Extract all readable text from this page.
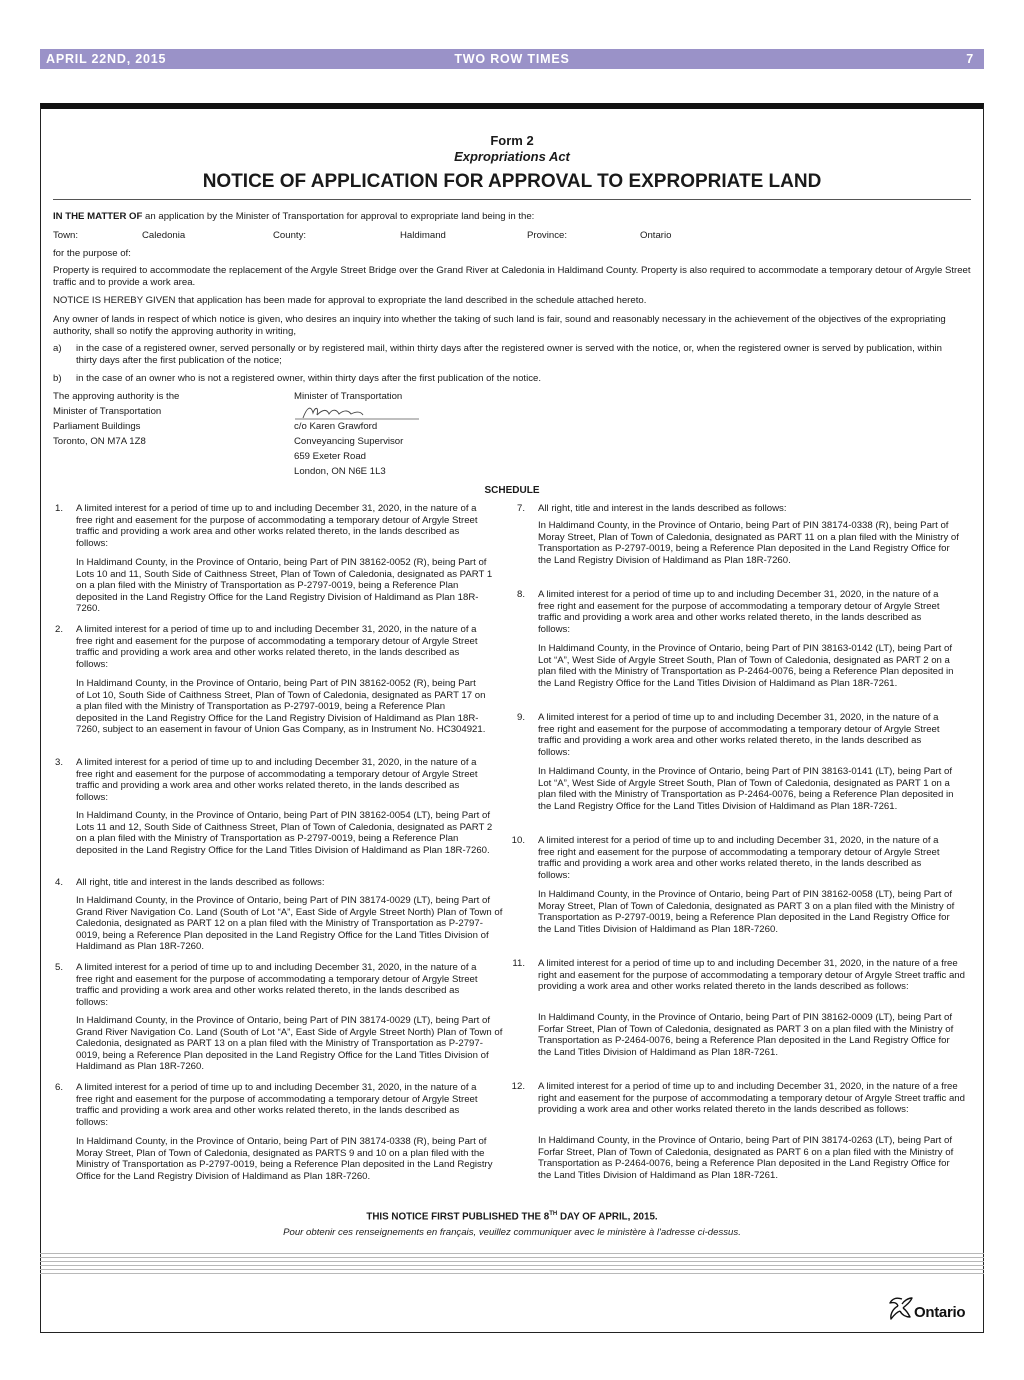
APRIL 22ND, 2015	TWO ROW TIMES	7
Form 2
Expropriations Act
NOTICE OF APPLICATION FOR APPROVAL TO EXPROPRIATE LAND
IN THE MATTER OF an application by the Minister of Transportation for approval to expropriate land being in the:
Town:	Caledonia	County:	Haldimand	Province:	Ontario
for the purpose of:
Property is required to accommodate the replacement of the Argyle Street Bridge over the Grand River at Caledonia in Haldimand County. Property is also required to accommodate a temporary detour of Argyle Street traffic and to provide a work area.
NOTICE IS HEREBY GIVEN that application has been made for approval to expropriate the land described in the schedule attached hereto.
Any owner of lands in respect of which notice is given, who desires an inquiry into whether the taking of such land is fair, sound and reasonably necessary in the achievement of the objectives of the expropriating authority, shall so notify the approving authority in writing,
a) in the case of a registered owner, served personally or by registered mail, within thirty days after the registered owner is served with the notice, or, when the registered owner is served by publication, within thirty days after the first publication of the notice;
b) in the case of an owner who is not a registered owner, within thirty days after the first publication of the notice.
The approving authority is the
Minister of Transportation
Parliament Buildings
Toronto, ON M7A 1Z8
Minister of Transportation
c/o Karen Grawford
Conveyancing Supervisor
659 Exeter Road
London, ON N6E 1L3
SCHEDULE
1. A limited interest for a period of time up to and including December 31, 2020, in the nature of a free right and easement for the purpose of accommodating a temporary detour of Argyle Street traffic and providing a work area and other works related thereto, in the lands described as follows:
In Haldimand County, in the Province of Ontario, being Part of PIN 38162-0052 (R), being Part of Lots 10 and 11, South Side of Caithness Street, Plan of Town of Caledonia, designated as PART 1 on a plan filed with the Ministry of Transportation as P-2797-0019, being a Reference Plan deposited in the Land Registry Office for the Land Registry Division of Haldimand as Plan 18R-7260.
2. A limited interest for a period of time up to and including December 31, 2020, in the nature of a free right and easement for the purpose of accommodating a temporary detour of Argyle Street traffic and providing a work area and other works related thereto, in the lands described as follows:
In Haldimand County, in the Province of Ontario, being Part of PIN 38162-0052 (R), being Part of Lot 10, South Side of Caithness Street, Plan of Town of Caledonia, designated as PART 17 on a plan filed with the Ministry of Transportation as P-2797-0019, being a Reference Plan deposited in the Land Registry Office for the Land Registry Division of Haldimand as Plan 18R-7260, subject to an easement in favour of Union Gas Company, as in Instrument No. HC304921.
3. A limited interest for a period of time up to and including December 31, 2020, in the nature of a free right and easement for the purpose of accommodating a temporary detour of Argyle Street traffic and providing a work area and other works related thereto, in the lands described as follows:
In Haldimand County, in the Province of Ontario, being Part of PIN 38162-0054 (LT), being Part of Lots 11 and 12, South Side of Caithness Street, Plan of Town of Caledonia, designated as PART 2 on a plan filed with the Ministry of Transportation as P-2797-0019, being a Reference Plan deposited in the Land Registry Office for the Land Titles Division of Haldimand as Plan 18R-7260.
4. All right, title and interest in the lands described as follows:
In Haldimand County, in the Province of Ontario, being Part of PIN 38174-0029 (LT), being Part of Grand River Navigation Co. Land (South of Lot “A”, East Side of Argyle Street North) Plan of Town of Caledonia, designated as PART 12 on a plan filed with the Ministry of Transportation as P-2797-0019, being a Reference Plan deposited in the Land Registry Office for the Land Titles Division of Haldimand as Plan 18R-7260.
5. A limited interest for a period of time up to and including December 31, 2020, in the nature of a free right and easement for the purpose of accommodating a temporary detour of Argyle Street traffic and providing a work area and other works related thereto, in the lands described as follows:
In Haldimand County, in the Province of Ontario, being Part of PIN 38174-0029 (LT), being Part of Grand River Navigation Co. Land (South of Lot “A”, East Side of Argyle Street North) Plan of Town of Caledonia, designated as PART 13 on a plan filed with the Ministry of Transportation as P-2797-0019, being a Reference Plan deposited in the Land Registry Office for the Land Titles Division of Haldimand as Plan 18R-7260.
6. A limited interest for a period of time up to and including December 31, 2020, in the nature of a free right and easement for the purpose of accommodating a temporary detour of Argyle Street traffic and providing a work area and other works related thereto, in the lands described as follows:
In Haldimand County, in the Province of Ontario, being Part of PIN 38174-0338 (R), being Part of Moray Street, Plan of Town of Caledonia, designated as PARTS 9 and 10 on a plan filed with the Ministry of Transportation as P-2797-0019, being a Reference Plan deposited in the Land Registry Office for the Land Registry Division of Haldimand as Plan 18R-7260.
7. All right, title and interest in the lands described as follows:
In Haldimand County, in the Province of Ontario, being Part of PIN 38174-0338 (R), being Part of Moray Street, Plan of Town of Caledonia, designated as PART 11 on a plan filed with the Ministry of Transportation as P-2797-0019, being a Reference Plan deposited in the Land Registry Office for the Land Registry Division of Haldimand as Plan 18R-7260.
8. A limited interest for a period of time up to and including December 31, 2020, in the nature of a free right and easement for the purpose of accommodating a temporary detour of Argyle Street traffic and providing a work area and other works related thereto, in the lands described as follows:
In Haldimand County, in the Province of Ontario, being Part of PIN 38163-0142 (LT), being Part of Lot “A”, West Side of Argyle Street South, Plan of Town of Caledonia, designated as PART 2 on a plan filed with the Ministry of Transportation as P-2464-0076, being a Reference Plan deposited in the Land Registry Office for the Land Titles Division of Haldimand as Plan 18R-7261.
9. A limited interest for a period of time up to and including December 31, 2020, in the nature of a free right and easement for the purpose of accommodating a temporary detour of Argyle Street traffic and providing a work area and other works related thereto, in the lands described as follows:
In Haldimand County, in the Province of Ontario, being Part of PIN 38163-0141 (LT), being Part of Lot “A”, West Side of Argyle Street South, Plan of Town of Caledonia, designated as PART 1 on a plan filed with the Ministry of Transportation as P-2464-0076, being a Reference Plan deposited in the Land Registry Office for the Land Titles Division of Haldimand as Plan 18R-7261.
10. A limited interest for a period of time up to and including December 31, 2020, in the nature of a free right and easement for the purpose of accommodating a temporary detour of Argyle Street traffic and providing a work area and other works related thereto, in the lands described as follows:
In Haldimand County, in the Province of Ontario, being Part of PIN 38162-0058 (LT), being Part of Moray Street, Plan of Town of Caledonia, designated as PART 3 on a plan filed with the Ministry of Transportation as P-2797-0019, being a Reference Plan deposited in the Land Registry Office for the Land Titles Division of Haldimand as Plan 18R-7260.
11. A limited interest for a period of time up to and including December 31, 2020, in the nature of a free right and easement for the purpose of accommodating a temporary detour of Argyle Street traffic and providing a work area and other works related thereto in the lands described as follows:
In Haldimand County, in the Province of Ontario, being Part of PIN 38162-0009 (LT), being Part of Forfar Street, Plan of Town of Caledonia, designated as PART 3 on a plan filed with the Ministry of Transportation as P-2464-0076, being a Reference Plan deposited in the Land Registry Office for the Land Titles Division of Haldimand as Plan 18R-7261.
12. A limited interest for a period of time up to and including December 31, 2020, in the nature of a free right and easement for the purpose of accommodating a temporary detour of Argyle Street traffic and providing a work area and other works related thereto in the lands described as follows:
In Haldimand County, in the Province of Ontario, being Part of PIN 38174-0263 (LT), being Part of Forfar Street, Plan of Town of Caledonia, designated as PART 6 on a plan filed with the Ministry of Transportation as P-2464-0076, being a Reference Plan deposited in the Land Registry Office for the Land Titles Division of Haldimand as Plan 18R-7261.
THIS NOTICE FIRST PUBLISHED THE 8TH DAY OF APRIL, 2015.
Pour obtenir ces renseignements en français, veuillez communiquer avec le ministère à l'adresse ci-dessus.
Ontario
